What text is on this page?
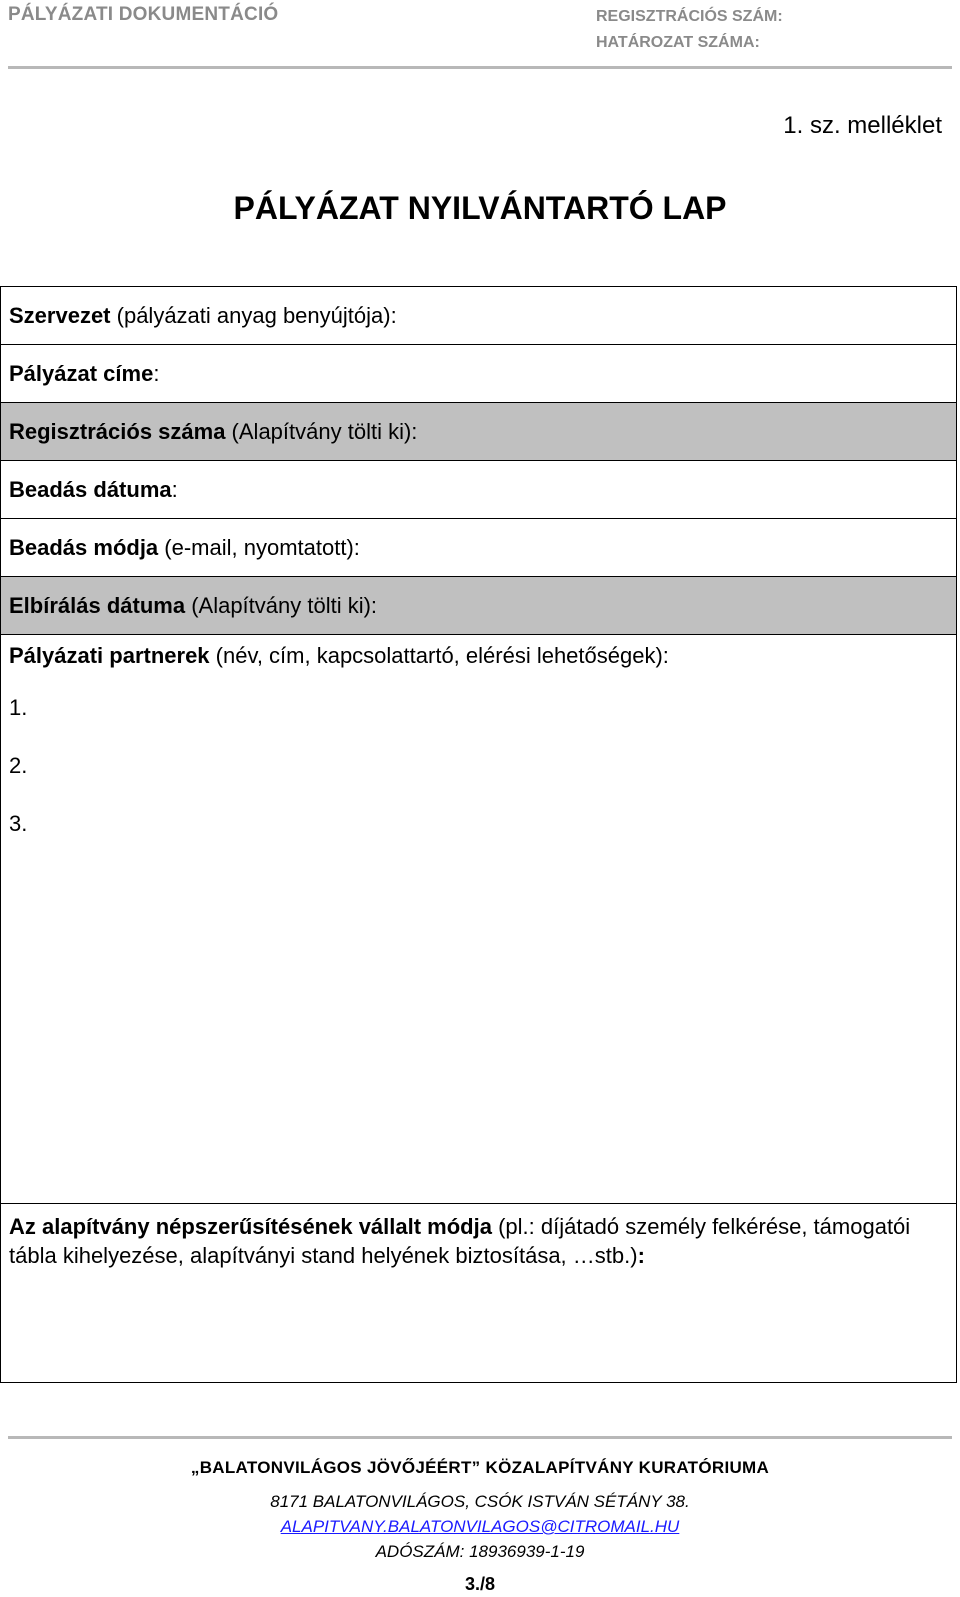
PÁLYÁZATI DOKUMENTÁCIÓ	REGISZTRÁCIÓS SZÁM:
HATÁROZAT SZÁMA:
1. sz. melléklet
PÁLYÁZAT NYILVÁNTARTÓ LAP
Szervezet (pályázati anyag benyújtója):
Pályázat címe:
Regisztrációs száma (Alapítvány tölti ki):
Beadás dátuma:
Beadás módja (e-mail, nyomtatott):
Elbírálás dátuma (Alapítvány tölti ki):

Pályázati partnerek (név, cím, kapcsolattartó, elérési lehetőségek):
1.
2.
3.

Az alapítvány népszerűsítésének vállalt módja (pl.: díjátadó személy felkérése, támogatói tábla kihelyezése, alapítványi stand helyének biztosítása, …stb.):
„BALATONVILÁGOS JÖVŐJÉÉRT” KÖZALAPÍTVÁNY KURATÓRIUMA
8171 BALATONVILÁGOS, CSÓK ISTVÁN SÉTÁNY 38.
ALAPITVANY.BALATONVILAGOS@CITROMAIL.HU
ADÓSZÁM: 18936939-1-19
3./8
